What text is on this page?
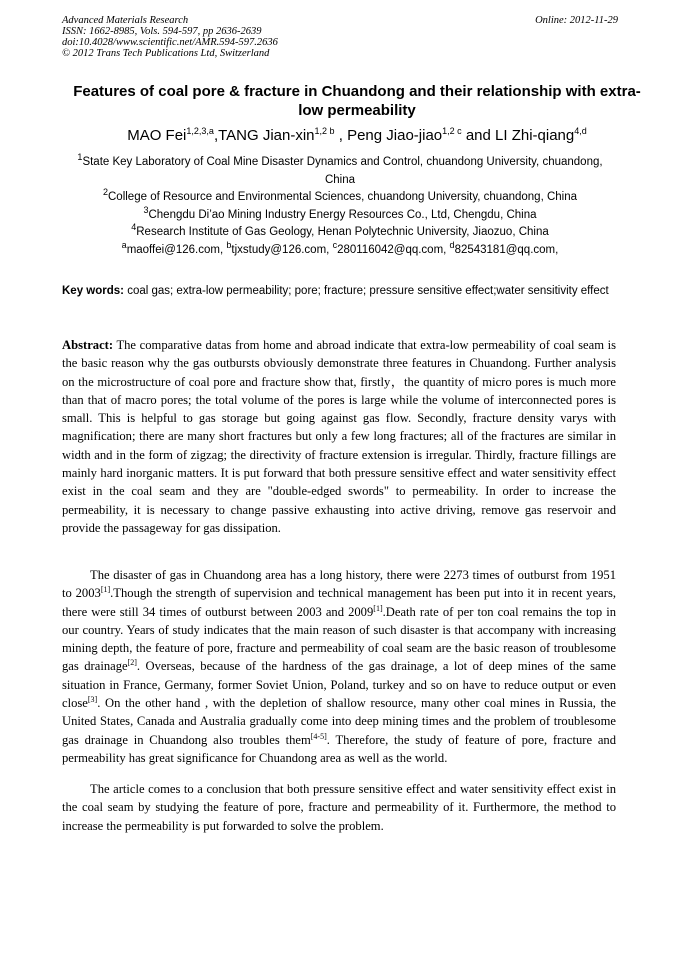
Advanced Materials Research
ISSN: 1662-8985, Vols. 594-597, pp 2636-2639
doi:10.4028/www.scientific.net/AMR.594-597.2636
© 2012 Trans Tech Publications Ltd, Switzerland
Online: 2012-11-29
Features of coal pore & fracture in Chuandong and their relationship with extra-low permeability
MAO Fei$^{1,2,3,a}$,TANG Jian-xin$^{1,2 b}$ , Peng Jiao-jiao$^{1,2 c}$ and LI Zhi-qiang$^{4,d}$

$^1$State Key Laboratory of Coal Mine Disaster Dynamics and Control, chuandong University, chuandong, China

$^2$College of Resource and Environmental Sciences, chuandong University, chuandong, China

$^3$Chengdu Di’ao Mining Industry Energy Resources Co., Ltd, Chengdu, China

$^4$Research Institute of Gas Geology, Henan Polytechnic University, Jiaozuo, China

$^a$maoffei@126.com, $^b$tjxstudy@126.com, $^c$280116042@qq.com, $^d$82543181@qq.com,

Key words: coal gas; extra-low permeability; pore; fracture; pressure sensitive effect;water sensitivity effect
Abstract: The comparative datas from home and abroad indicate that extra-low permeability of coal seam is the basic reason why the gas outbursts obviously demonstrate three features in Chuandong. Further analysis on the microstructure of coal pore and fracture show that, firstly，the quantity of micro pores is much more than that of macro pores; the total volume of the pores is large while the volume of interconnected pores is small. This is helpful to gas storage but going against gas flow. Secondly, fracture density varys with magnification; there are many short fractures but only a few long fractures; all of the fractures are similar in width and in the form of zigzag; the directivity of fracture extension is irregular. Thirdly, fracture fillings are mainly hard inorganic matters. It is put forward that both pressure sensitive effect and water sensitivity effect exist in the coal seam and they are "double-edged swords" to permeability. In order to increase the permeability, it is necessary to change passive exhausting into active driving, remove gas reservoir and provide the passageway for gas dissipation.
The disaster of gas in Chuandong area has a long history, there were 2273 times of outburst from 1951 to 2003[1].Though the strength of supervision and technical management has been put into it in recent years, there were still 34 times of outburst between 2003 and 2009[1].Death rate of per ton coal remains the top in our country. Years of study indicates that the main reason of such disaster is that accompany with increasing mining depth, the feature of pore, fracture and permeability of coal seam are the basic reason of troublesome gas drainage[2]. Overseas, because of the hardness of the gas drainage, a lot of deep mines of the same situation in France, Germany, former Soviet Union, Poland, turkey and so on have to reduce output or even close[3]. On the other hand , with the depletion of shallow resource, many other coal mines in Russia, the United States, Canada and Australia gradually come into deep mining times and the problem of troublesome gas drainage in Chuandong also troubles them[4-5]. Therefore, the study of feature of pore, fracture and permeability has great significance for Chuandong area as well as the world.
The article comes to a conclusion that both pressure sensitive effect and water sensitivity effect exist in the coal seam by studying the feature of pore, fracture and permeability of it. Furthermore, the method to increase the permeability is put forwarded to solve the problem.
